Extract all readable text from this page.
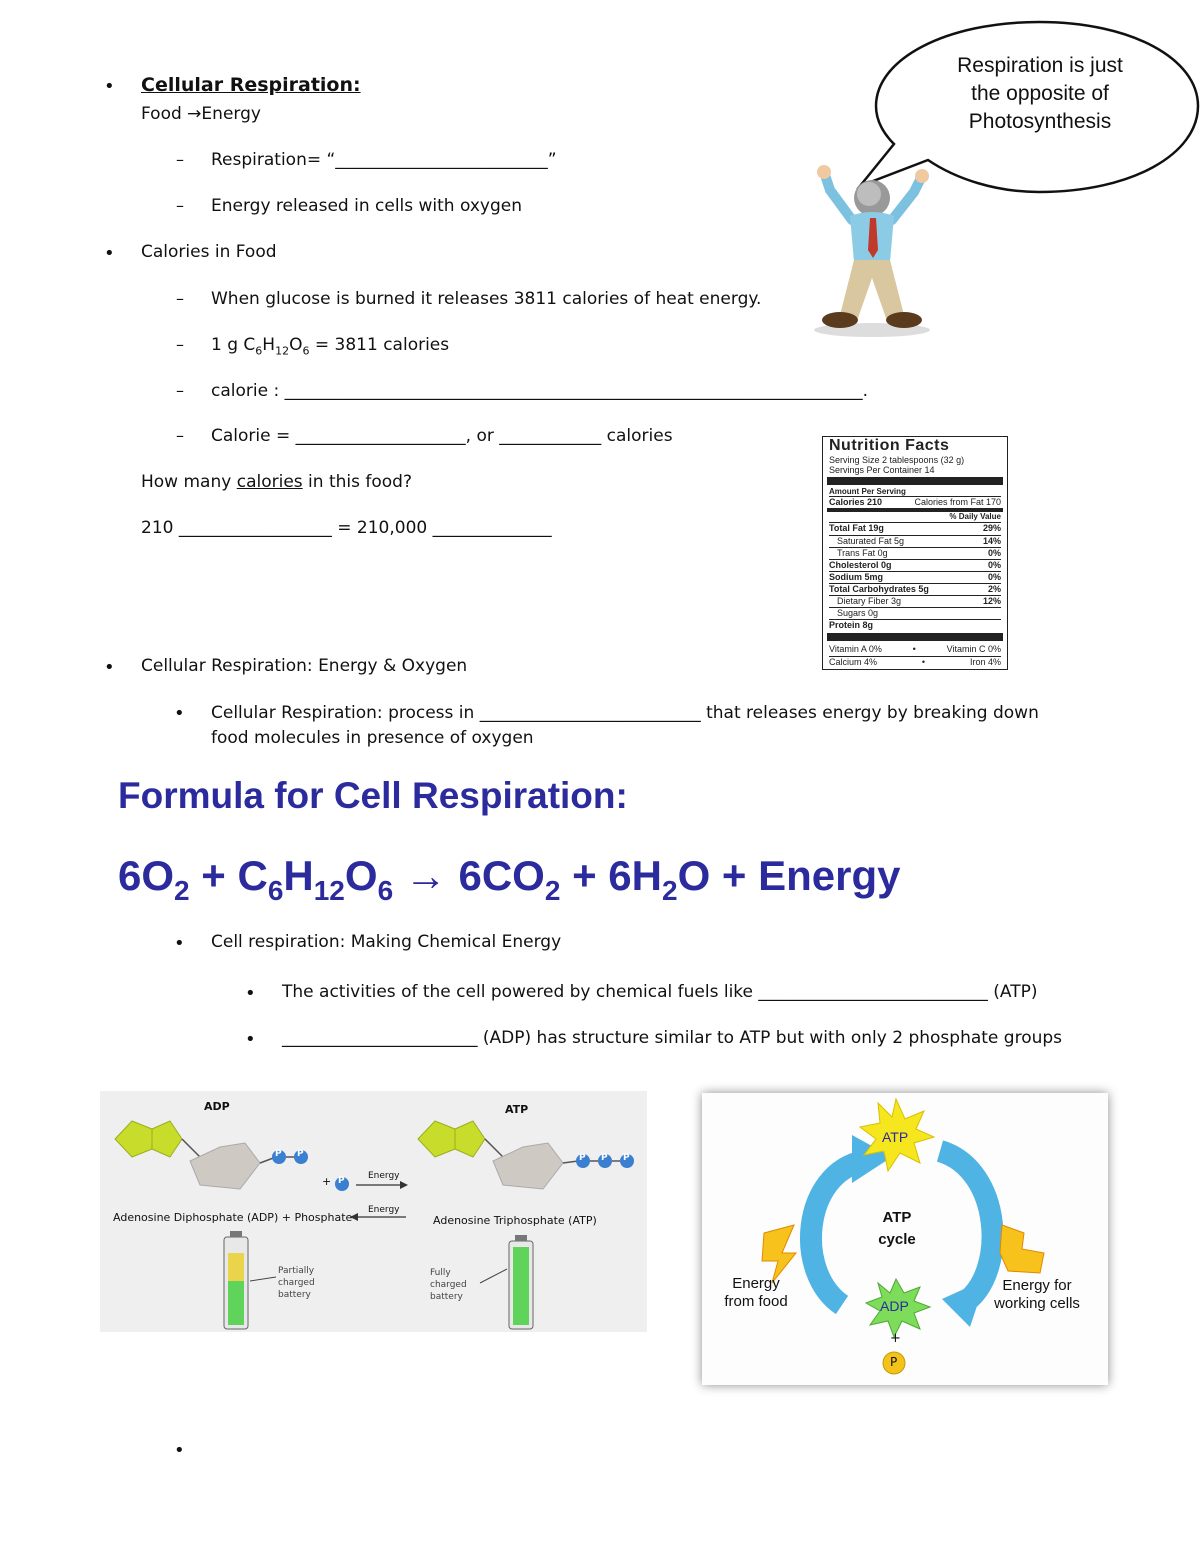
• Cellular Respiration:
Food →Energy
– Respiration= “_________________________”
– Energy released in cells with oxygen
Respiration is just
the opposite of
Photosynthesis
• Calories in Food
– When glucose is burned it releases 3811 calories of heat energy.
– 1 g $C_6H_{12}O_6 = 3811$ calories
– calorie : ____________________________________________________________________.
– Calorie = ____________________, or ____________ calories
How many calories in this food?
210 __________________ = 210,000 ______________
Nutrition Facts
Serving Size 2 tablespoons (32 g)
Servings Per Container 14
Amount Per Serving
Calories 210	Calories from Fat 170
% Daily Value
Total Fat 19g	29%
Saturated Fat 5g	14%
Trans Fat 0g	0%
Cholesterol 0g	0%
Sodium 5mg	0%
Total Carbohydrates 5g	2%
Dietary Fiber 3g	12%
Sugars 0g
Protein 8g
Vitamin A 0%	•	Vitamin C 0%
Calcium 4%	•	Iron 4%
• Cellular Respiration: Energy & Oxygen
• Cellular Respiration: process in __________________________ that releases energy by breaking down
food molecules in presence of oxygen
Formula for Cell Respiration:
$6O_2 + C_6H_{12}O_6 \to 6CO_2 + 6H_2O$ + Energy
• Cell respiration: Making Chemical Energy
• The activities of the cell powered by chemical fuels like ___________________________ (ATP)
• _______________________ (ADP) has structure similar to ATP but with only 2 phosphate groups
ADP	ATP
P P
+ P
P P P
Energy
Energy
Adenosine Diphosphate (ADP) + Phosphate	Adenosine Triphosphate (ATP)
Partially
charged
battery
Fully
charged
battery
ATP
ADP
ATP
cycle
+
P
Energy
from food
Energy for
working cells
•
